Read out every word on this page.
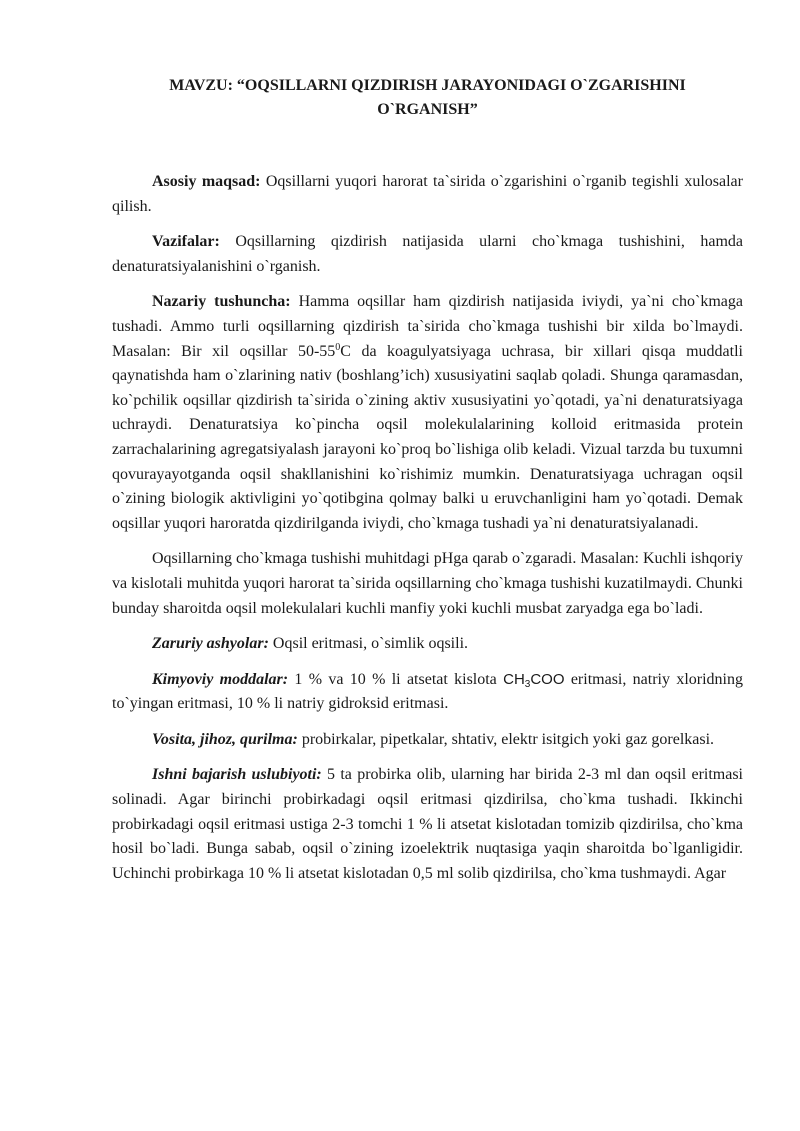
MAVZU: “OQSILLARNI QIZDIRISH JARAYONIDAGI O`ZGARISHINI
O`RGANISH”

Asosiy maqsad: Oqsillarni yuqori harorat ta`sirida o`zgarishini o`rganib tegishli xulosalar qilish.

Vazifalar: Oqsillarning qizdirish natijasida ularni cho`kmaga tushishini, hamda denaturatsiyalanishini o`rganish.

Nazariy tushuncha: Hamma oqsillar ham qizdirish natijasida iviydi, ya`ni cho`kmaga tushadi. Ammo turli oqsillarning qizdirish ta`sirida cho`kmaga tushishi bir xilda bo`lmaydi. Masalan: Bir xil oqsillar $50-55^0C$ da koagulyatsiyaga uchrasa, bir xillari qisqa muddatli qaynatishda ham o`zlarining nativ (boshlang’ich) xususiyatini saqlab qoladi. Shunga qaramasdan, ko`pchilik oqsillar qizdirish ta`sirida o`zining aktiv xususiyatini yo`qotadi, ya`ni denaturatsiyaga uchraydi. Denaturatsiya ko`pincha oqsil molekulalarining kolloid eritmasida protein zarrachalarining agregatsiyalash jarayoni ko`proq bo`lishiga olib keladi. Vizual tarzda bu tuxumni qovurayayotganda oqsil shakllanishini ko`rishimiz mumkin. Denaturatsiyaga uchragan oqsil o`zining biologik aktivligini yo`qotibgina qolmay balki u eruvchanligini ham yo`qotadi. Demak oqsillar yuqori haroratda qizdirilganda iviydi, cho`kmaga tushadi ya`ni denaturatsiyalanadi.

Oqsillarning cho`kmaga tushishi muhitdagi pHga qarab o`zgaradi. Masalan: Kuchli ishqoriy va kislotali muhitda yuqori harorat ta`sirida oqsillarning cho`kmaga tushishi kuzatilmaydi. Chunki bunday sharoitda oqsil molekulalari kuchli manfiy yoki kuchli musbat zaryadga ega bo`ladi.

Zaruriy ashyolar: Oqsil eritmasi, o`simlik oqsili.

Kimyoviy moddalar: 1 % va 10 % li atsetat kislota $CH_3COO$ eritmasi, natriy xloridning to`yingan eritmasi, 10 % li natriy gidroksid eritmasi.

Vosita, jihoz, qurilma: probirkalar, pipetkalar, shtativ, elektr isitgich yoki gaz gorelkasi.

Ishni bajarish uslubiyoti: 5 ta probirka olib, ularning har birida 2-3 ml dan oqsil eritmasi solinadi. Agar birinchi probirkadagi oqsil eritmasi qizdirilsa, cho`kma tushadi. Ikkinchi probirkadagi oqsil eritmasi ustiga 2-3 tomchi 1 % li atsetat kislotadan tomizib qizdirilsa, cho`kma hosil bo`ladi. Bunga sabab, oqsil o`zining izoelektrik nuqtasiga yaqin sharoitda bo`lganligidir. Uchinchi probirkaga 10 % li atsetat kislotadan 0,5 ml solib qizdirilsa, cho`kma tushmaydi. Agar
